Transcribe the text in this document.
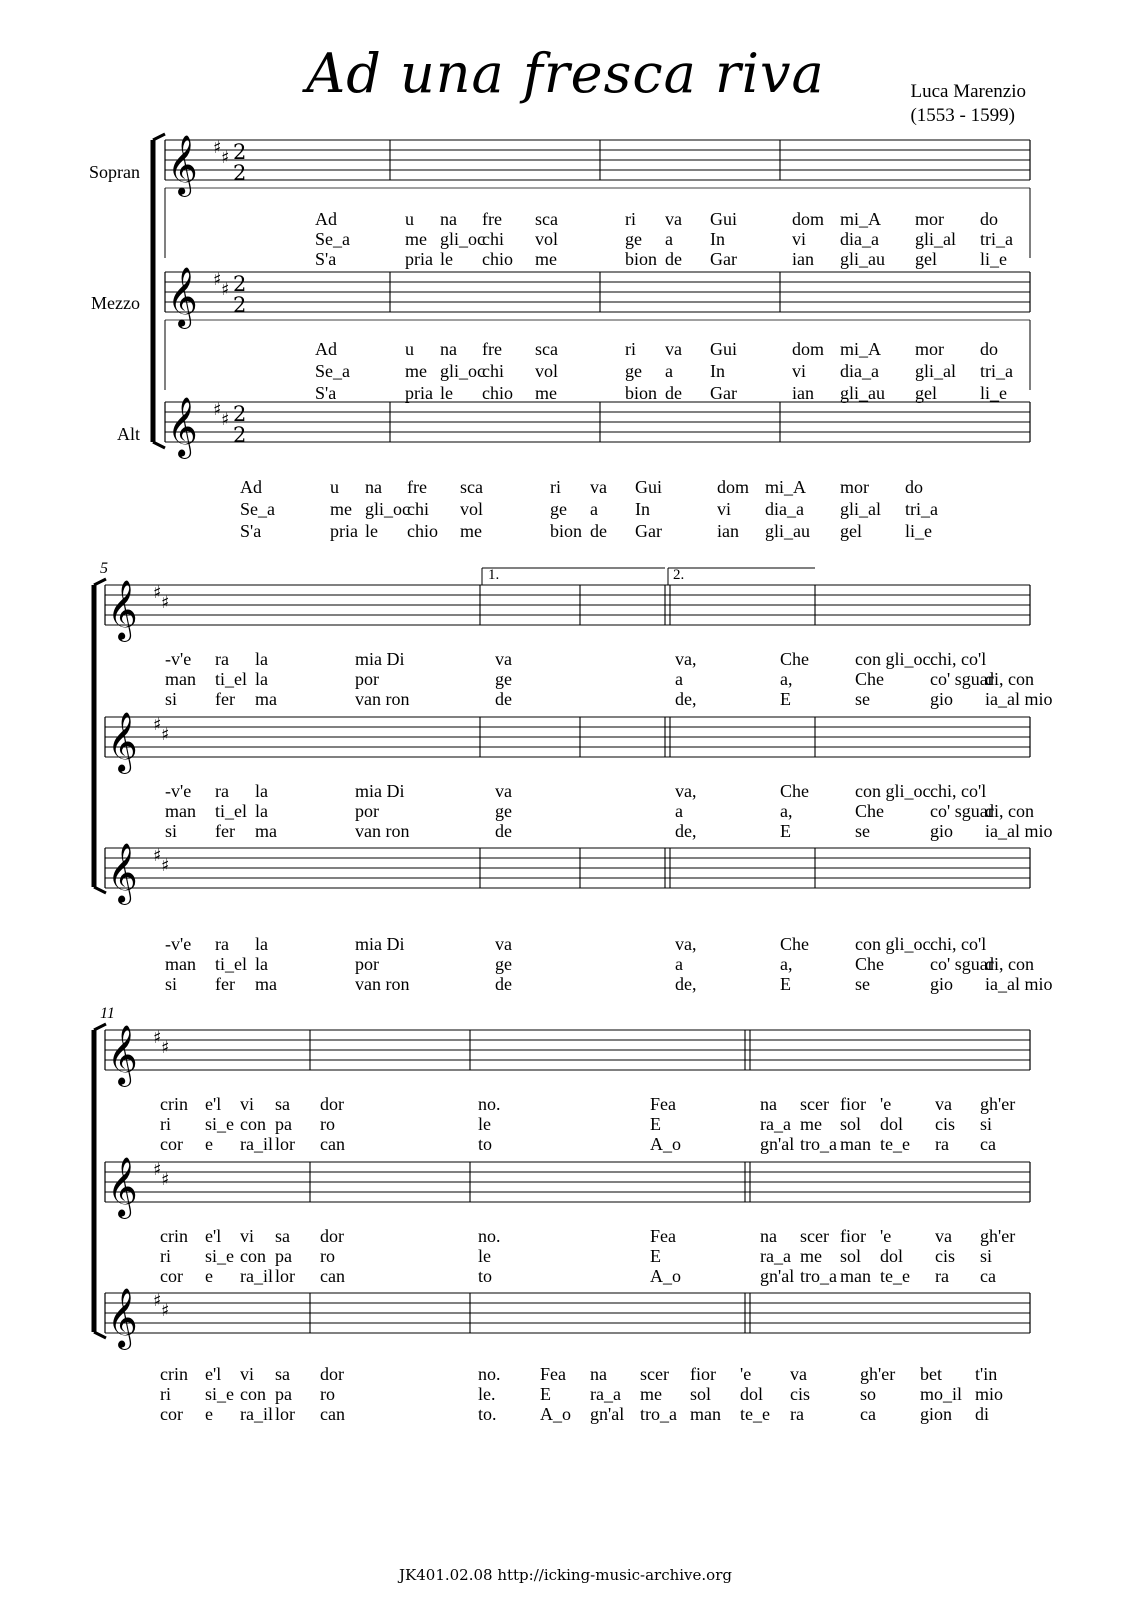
Ad una fresca riva	Luca Marenzio
(1553 - 1599)
Sopran
Mezzo
Alt
5
11
1.	2.
𝄞 ♯ ♯ 2
2
𝄞 ♯ ♯ 2
2
𝄞 ♯ ♯ 2
2
𝄞 ♯ ♯
𝄞 ♯ ♯
𝄞 ♯ ♯
𝄞 ♯ ♯
𝄞 ♯ ♯
𝄞 ♯ ♯
Ad	u na fre sca	ri va Gui	dom mi_A mor do
Se_a	me gli_oc
chi vol	ge a In	vi dia_a gli_al tri_a
S'a	pria le chio me	bion de Gar	ian gli_au gel li_e
Ad	u na fre sca	ri va Gui	dom mi_A mor do
Se_a	me gli_oc
chi vol	ge a In	vi dia_a gli_al tri_a
S'a	pria le chio me	bion de Gar	ian gli_au gel li_e
Ad	u na fre sca	ri va Gui	dom mi_A mor do
Se_a	me gli_oc
chi vol	ge a In	vi dia_a gli_al tri_a
S'a	pria le chio me	bion de Gar	ian gli_au gel li_e
-v'e ra la	mia Di	va	va,	Che	con gli_oc chi, co'l
man ti_el la	por	ge	a	a,	Che	co' sguar
di, con
si fer ma	van ron	de	de,	E	se	gio ia_al mio
-v'e ra la	mia Di	va	va,	Che	con gli_oc chi, co'l
man ti_el la	por	ge	a	a,	Che	co' sguar
di, con
si fer ma	van ron	de	de,	E	se	gio ia_al mio
-v'e ra la	mia Di	va	va,	Che	con gli_oc chi, co'l
man ti_el la	por	ge	a	a,	Che	co' sguar
di, con
si fer ma	van ron	de	de,	E	se	gio ia_al mio
crin e'l vi sa dor	no.	Fea	na scer fior 'e va gh'er
ri si_e con pa ro	le	E	ra_a me sol dol cis si
cor e ra_il lor can	to	A_o	gn'al tro_a man te_e ra ca
crin e'l vi sa dor	no.	Fea	na scer fior 'e va gh'er
ri si_e con pa ro	le	E	ra_a me sol dol cis si
cor e ra_il lor can	to	A_o	gn'al tro_a man te_e ra ca
crin e'l vi sa dor	no. Fea na scer fior 'e va	gh'er bet t'in
ri si_e con pa ro	le. E ra_a me sol dol cis	so mo_il mio
cor e ra_il lor can	to. A_o gn'al tro_a man te_e ra	ca gion di
JK401.02.08 http://icking-music-archive.org
